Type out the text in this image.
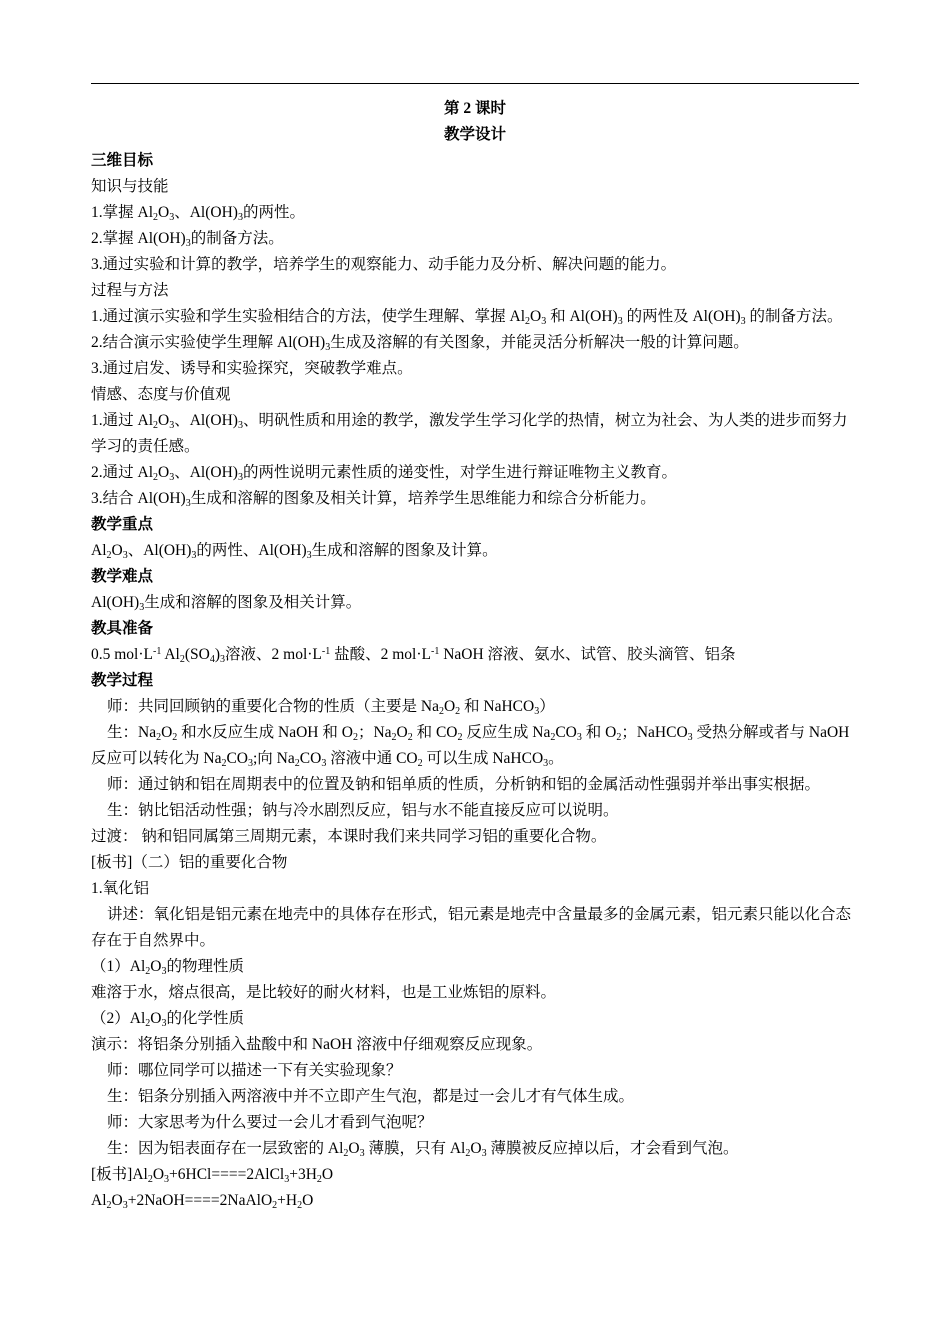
第 2 课时
教学设计
三维目标
知识与技能
1.掌握 $Al_2O_3$、$Al(OH)_3$的两性。
2.掌握 $Al(OH)_3$的制备方法。
3.通过实验和计算的教学，培养学生的观察能力、动手能力及分析、解决问题的能力。
过程与方法
1.通过演示实验和学生实验相结合的方法，使学生理解、掌握 $Al_2O_3$ 和 $Al(OH)_3$ 的两性及 $Al(OH)_3$ 的制备方法。
2.结合演示实验使学生理解 $Al(OH)_3$生成及溶解的有关图象，并能灵活分析解决一般的计算问题。
3.通过启发、诱导和实验探究，突破教学难点。
情感、态度与价值观
1.通过 $Al_2O_3$、$Al(OH)_3$、明矾性质和用途的教学，激发学生学习化学的热情，树立为社会、为人类的进步而努力学习的责任感。
2.通过 $Al_2O_3$、$Al(OH)_3$的两性说明元素性质的递变性，对学生进行辩证唯物主义教育。
3.结合 $Al(OH)_3$生成和溶解的图象及相关计算，培养学生思维能力和综合分析能力。
教学重点
$Al_2O_3$、$Al(OH)_3$的两性、$Al(OH)_3$生成和溶解的图象及计算。
教学难点
$Al(OH)_3$生成和溶解的图象及相关计算。
教具准备
0.5 $mol\cdot L^{-1}$ $Al_2(SO_4)_3$溶液、2 $mol\cdot L^{-1}$ 盐酸、2 $mol\cdot L^{-1}$ NaOH 溶液、氨水、试管、胶头滴管、铝条
教学过程
师：共同回顾钠的重要化合物的性质（主要是 $Na_2O_2$ 和 NaHCO$_3$）
生：$Na_2O_2$ 和水反应生成 NaOH 和 $O_2$；$Na_2O_2$ 和 $CO_2$ 反应生成 $Na_2CO_3$ 和 $O_2$；NaHCO$_3$ 受热分解或者与 NaOH 反应可以转化为 $Na_2CO_3$;向 $Na_2CO_3$ 溶液中通 $CO_2$ 可以生成 NaHCO$_3$。
师：通过钠和铝在周期表中的位置及钠和铝单质的性质，分析钠和铝的金属活动性强弱并举出事实根据。
生：钠比铝活动性强；钠与冷水剧烈反应，铝与水不能直接反应可以说明。
过渡： 钠和铝同属第三周期元素，本课时我们来共同学习铝的重要化合物。
[板书]（二）铝的重要化合物
1.氧化铝
讲述：氧化铝是铝元素在地壳中的具体存在形式，铝元素是地壳中含量最多的金属元素，铝元素只能以化合态存在于自然界中。
$(1)Al_2O_3$的物理性质
难溶于水，熔点很高，是比较好的耐火材料，也是工业炼铝的原料。
$(2)Al_2O_3$的化学性质
演示：将铝条分别插入盐酸中和 NaOH 溶液中仔细观察反应现象。
师：哪位同学可以描述一下有关实验现象？
生：铝条分别插入两溶液中并不立即产生气泡，都是过一会儿才有气体生成。
师：大家思考为什么要过一会儿才看到气泡呢？
生：因为铝表面存在一层致密的 $Al_2O_3$ 薄膜，只有 $Al_2O_3$ 薄膜被反应掉以后，才会看到气泡。
[板书]$Al_2O_3+6HCl====2AlCl_3+3H_2O$
$Al_2O_3+2NaOH====2NaAlO_2+H_2O$
